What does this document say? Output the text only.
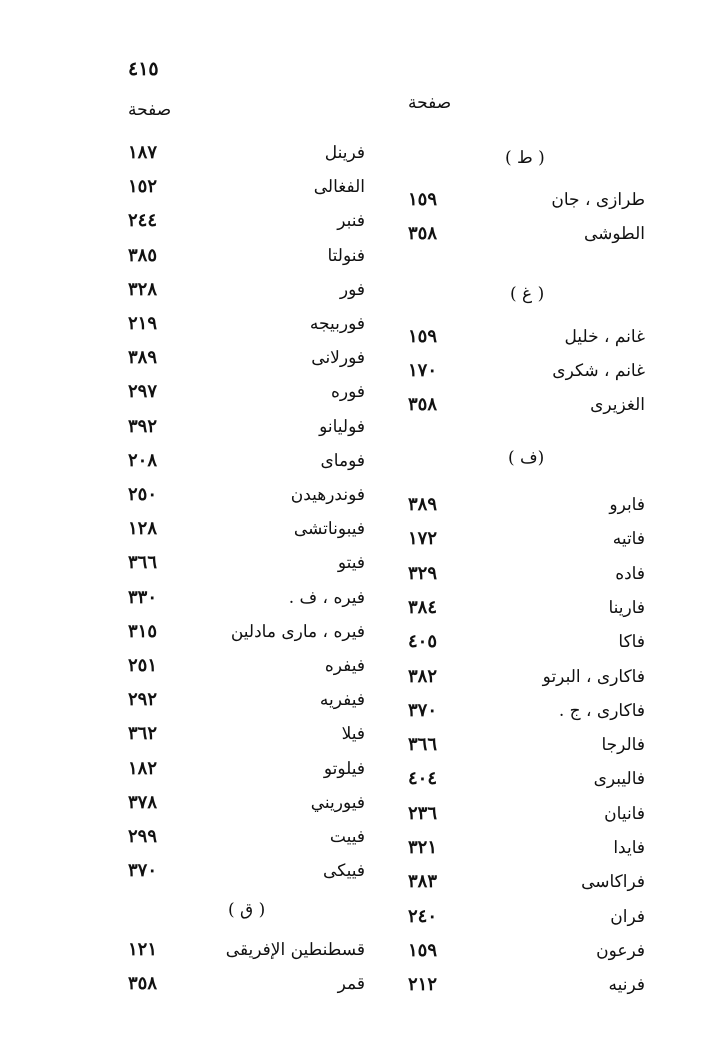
٤١٥
صفحة	صفحة
فرينل
١٨٧
الفغالى
١٥٢
فنبر
٢٤٤
فنولتا
٣٨٥
فور
٣٢٨
فوربيجه
٢١٩
فورلانى
٣٨٩
فوره
٢٩٧
فوليانو
٣٩٢
فوماى
٢٠٨
فوندرهيدن
٢٥٠
فيبوناتشى
١٢٨
فيتو
٣٦٦
فيره ، ف .
٣٣٠
فيره ، مارى مادلين
٣١٥
فيفره
٢٥١
فيفريه
٢٩٢
فيلا
٣٦٢
فيلوتو
١٨٢
فيوريني
٣٧٨
فييت
٢٩٩
فييكى
٣٧٠
قسطنطين الإفريقى
١٢١
قمر
٣٥٨
طرازى ، جان
١٥٩
الطوشى
٣٥٨
غانم ، خليل
١٥٩
غانم ، شكرى
١٧٠
الغزيرى
٣٥٨
فابرو
٣٨٩
فاتيه
١٧٢
فاده
٣٢٩
فارينا
٣٨٤
فاكا
٤٠٥
فاكارى ، البرتو
٣٨٢
فاكارى ، ج .
٣٧٠
فالرجا
٣٦٦
فاليبرى
٤٠٤
فانيان
٢٣٦
فايدا
٣٢١
فراكاسى
٣٨٣
فران
٢٤٠
فرعون
١٥٩
فرنيه
٢١٢
( ق )
( ط )
( غ )
(ف )
